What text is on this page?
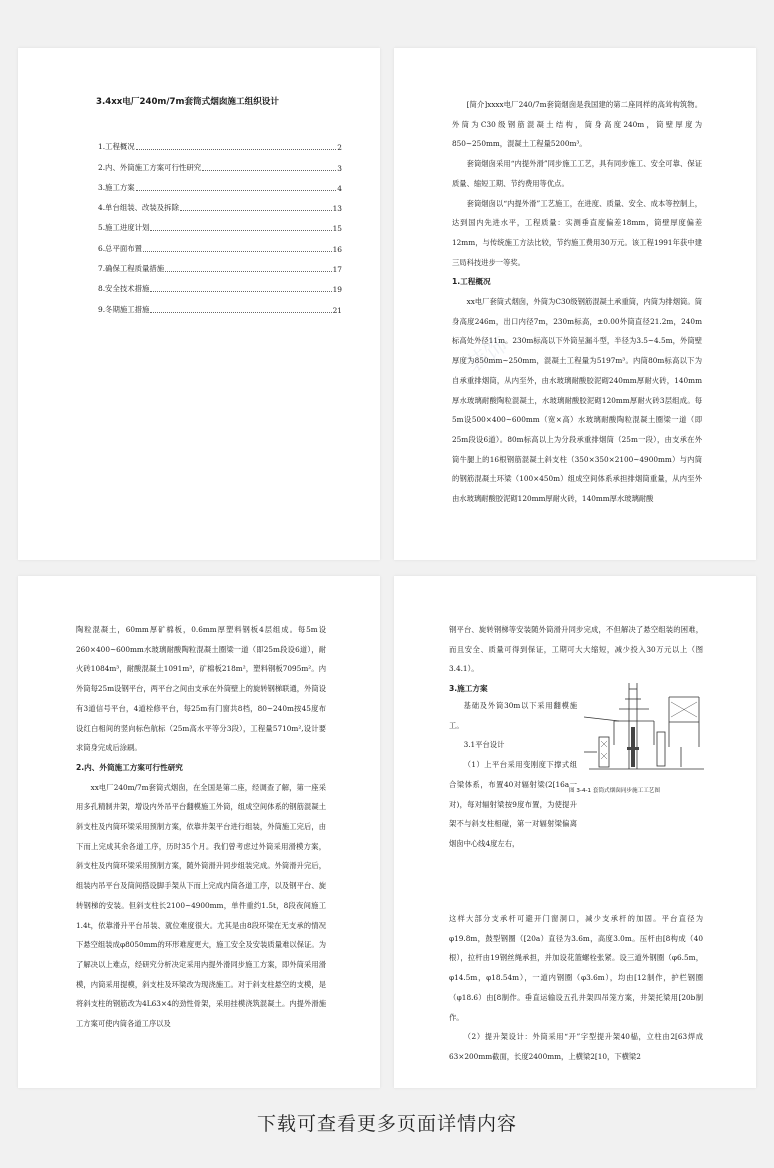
3.4xx电厂240m/7m套筒式烟囱施工组织设计
1.工程概况	2
2.内、外筒施工方案可行性研究	3
3.施工方案	4
4.单台组装、改装及拆除	13
5.施工进度计划	15
6.总平面布置	16
7.确保工程质量措施	17
8.安全技术措施	19
9.冬期施工措施	21

[简介]xxxx电厂240/7m套筒烟囱是我国建的第二座同样的高耸构筑物。外筒为C30级钢筋混凝土结构，筒身高度240m，筒壁厚度为850~250mm，混凝土工程量5200m³。

套筒烟囱采用“内提外滑”同步施工工艺，具有同步施工、安全可靠、保证质量、缩短工期、节约费用等优点。

套筒烟囱以“内提外滑”工艺施工，在进度、质量、安全、成本等控制上，达到国内先进水平，工程质量：实测垂直度偏差18mm，筒壁厚度偏差12mm，与传统施工方法比较，节约施工费用30万元。该工程1991年获中建三局科技进步一等奖。

1.工程概况

xx电厂套筒式烟囱，外筒为C30级钢筋混凝土承重筒，内筒为排烟筒。筒身高度246m，出口内径7m，230m标高，±0.00外筒直径21.2m，240m标高处外径11m。230m标高以下外筒呈漏斗型，半径为3.5~4.5m，外筒壁厚度为850mm~250mm，混凝土工程量为5197m³。内筒80m标高以下为自承重排烟筒，从内至外，由水玻璃耐酸胶泥砌240mm厚耐火砖，140mm厚水玻璃耐酸陶粒混凝土，水玻璃耐酸胶泥砌120mm厚耐火砖3层组成。每5m设500×400~600mm（宽×高）水玻璃耐酸陶粒混凝土圈梁一道（即25m段设6道）。80m标高以上为分段承重排烟筒（25m一段），由支承在外筒牛腿上的16根钢筋混凝土斜支柱（350×350×2100~4900mm）与内筒的钢筋混凝土环梁（100×450m）组成空间体系承担排烟筒重量，从内至外由水玻璃耐酸胶泥砌120mm厚耐火砖，140mm厚水玻璃耐酸

装饰

陶粒混凝土，60mm厚矿棉板，0.6mm厚塑料钢板4层组成。每5m设260×400~600mm水玻璃耐酸陶粒混凝土圈梁一道（即25m段设6道），耐火砖1084m³，耐酸混凝土1091m³，矿棉板218m²，塑料钢板7095m²。内外筒每25m设钢平台，两平台之间由支承在外筒壁上的旋转钢梯联通，外筒设有3道信号平台，4道栓修平台，每25m有门窗共8档，80~240m按45度布设红白相间的竖向标色航标（25m高水平等分3段），工程量5710m²,设计要求筒身完成后涂刷。

2.内、外筒施工方案可行性研究

xx电厂240m/7m套筒式烟囱，在全国是第二座，经调查了解，第一座采用多孔精制井架，增设内外吊平台翻模施工外筒，组成空间体系的钢筋混凝土斜支柱及内筒环梁采用预制方案，依靠井架平台进行组装，外筒施工完后，由下而上完成其余各道工序，历时35个月。我们曾考虑过外筒采用滑模方案，斜支柱及内筒环梁采用预制方案，随外筒滑升同步组装完成。外筒滑升完后，组装内吊平台及筒间搭设脚手架从下而上完成内筒各道工序，以及钢平台、旋转钢梯的安装。但斜支柱长2100~4900mm，单件重约1.5t，8段夜间施工1.4t，依靠滑升平台吊装、就位难度很大。尤其是由8段环梁在无支承的情况下悬空组装成φ8050mm的环形难度更大，施工安全及安装质量难以保证。为了解决以上难点，经研究分析决定采用内提外滑同步施工方案，即外筒采用滑模，内筒采用提模，斜支柱及环梁改为现浇施工。对于斜支柱悬空的支模，是将斜支柱的钢筋改为4L63×4的劲性骨架，采用挂模浇筑混凝土。内提外滑施工方案可使内筒各道工序以及

钢平台、旋转钢梯等安装随外筒滑升同步完成，不但解决了悬空组装的困难，而且安全、质量可得到保证，工期可大大缩短，减少投入30万元以上（图3.4.1）。

3.施工方案

基础及外筒30m以下采用翻模施工。

3.1平台设计

（1）上平台采用变刚度下撑式组合梁体系，布置40对辐射梁(2[16a一对)，每对辐射梁按9度布置，为使提升架不与斜支柱相碰，第一对辐射梁偏离烟囱中心线4度左右，

图 3-4-1 套筒式烟囱同步施工工艺图

这样大部分支承杆可避开门窗洞口，减少支承杆的加固。平台直径为φ19.8m，鼓型钢圈（[20a）直径为3.6m，高度3.0m。压杆由[8构成（40根），拉杆由19钢丝绳承担，并加设花篮螺栓张紧。设三道外钢圈（φ6.5m，φ14.5m，φ18.54m），一道内钢圈（φ3.6m），均由[12制作，护栏钢圈（φ18.6）由[8制作。垂直运输设五孔井架四吊笼方案，井架托梁用[20b制作。

（2）提升架设计：外筒采用“开”字型提升架40榀，立柱由2[63焊成63×200mm截面，长度2400mm，上横梁2[10，下横梁2

下载可查看更多页面详情内容
